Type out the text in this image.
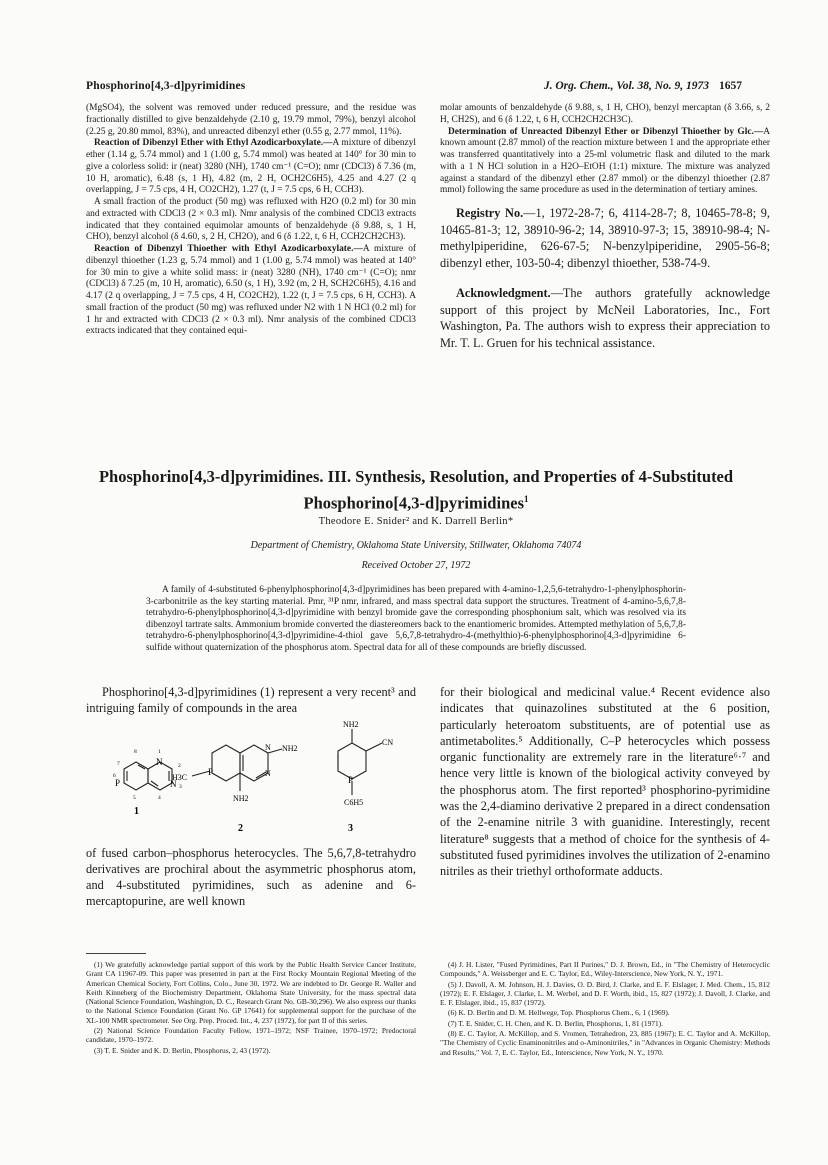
Phosphorino[4,3-d]pyrimidines	J. Org. Chem., Vol. 38, No. 9, 1973 1657

(MgSO4), the solvent was removed under reduced pressure, and the residue was fractionally distilled to give benzaldehyde (2.10 g, 19.79 mmol, 79%), benzyl alcohol (2.25 g, 20.80 mmol, 83%), and unreacted dibenzyl ether (0.55 g, 2.77 mmol, 11%).

Reaction of Dibenzyl Ether with Ethyl Azodicarboxylate.—A mixture of dibenzyl ether (1.14 g, 5.74 mmol) and 1 (1.00 g, 5.74 mmol) was heated at 140° for 30 min to give a colorless solid: ir (neat) 3280 (NH), 1740 cm⁻¹ (C=O); nmr (CDCl3) δ 7.36 (m, 10 H, aromatic), 6.48 (s, 1 H), 4.82 (m, 2 H, OCH2C6H5), 4.25 and 4.27 (2 q overlapping, J = 7.5 cps, 4 H, CO2CH2), 1.27 (t, J = 7.5 cps, 6 H, CCH3).

A small fraction of the product (50 mg) was refluxed with H2O (0.2 ml) for 30 min and extracted with CDCl3 (2 × 0.3 ml). Nmr analysis of the combined CDCl3 extracts indicated that they contained equimolar amounts of benzaldehyde (δ 9.88, s, 1 H, CHO), benzyl alcohol (δ 4.60, s, 2 H, CH2O), and 6 (δ 1.22, t, 6 H, CCH2CH2CH3).

Reaction of Dibenzyl Thioether with Ethyl Azodicarboxylate.—A mixture of dibenzyl thioether (1.23 g, 5.74 mmol) and 1 (1.00 g, 5.74 mmol) was heated at 140° for 30 min to give a white solid mass: ir (neat) 3280 (NH), 1740 cm⁻¹ (C=O); nmr (CDCl3) δ 7.25 (m, 10 H, aromatic), 6.50 (s, 1 H), 3.92 (m, 2 H, SCH2C6H5), 4.16 and 4.17 (2 q overlapping, J = 7.5 cps, 4 H, CO2CH2), 1.22 (t, J = 7.5 cps, 6 H, CCH3). A small fraction of the product (50 mg) was refluxed under N2 with 1 N HCl (0.2 ml) for 1 hr and extracted with CDCl3 (2 × 0.3 ml). Nmr analysis of the combined CDCl3 extracts indicated that they contained equi-

molar amounts of benzaldehyde (δ 9.88, s, 1 H, CHO), benzyl mercaptan (δ 3.66, s, 2 H, CH2S), and 6 (δ 1.22, t, 6 H, CCH2CH2CH3C).

Determination of Unreacted Dibenzyl Ether or Dibenzyl Thioether by Glc.—A known amount (2.87 mmol) of the reaction mixture between 1 and the appropriate ether was transferred quantitatively into a 25-ml volumetric flask and diluted to the mark with a 1 N HCl solution in a H2O–EtOH (1:1) mixture. The mixture was analyzed against a standard of the dibenzyl ether (2.87 mmol) or the dibenzyl thioether (2.87 mmol) following the same procedure as used in the determination of tertiary amines.

Registry No.—1, 1972-28-7; 6, 4114-28-7; 8, 10465-78-8; 9, 10465-81-3; 12, 38910-96-2; 14, 38910-97-3; 15, 38910-98-4; N-methylpiperidine, 626-67-5; N-benzylpiperidine, 2905-56-8; dibenzyl ether, 103-50-4; dibenzyl thioether, 538-74-9.

Acknowledgment.—The authors gratefully acknowledge support of this project by McNeil Laboratories, Inc., Fort Washington, Pa. The authors wish to express their appreciation to Mr. T. L. Gruen for his technical assistance.

Phosphorino[4,3-d]pyrimidines. III. Synthesis, Resolution, and Properties of 4-Substituted Phosphorino[4,3-d]pyrimidines$^1$
Theodore E. Snider² and K. Darrell Berlin*
Department of Chemistry, Oklahoma State University, Stillwater, Oklahoma 74074
Received October 27, 1972
A family of 4-substituted 6-phenylphosphorino[4,3-d]pyrimidines has been prepared with 4-amino-1,2,5,6-tetrahydro-1-phenylphosphorin-3-carbonitrile as the key starting material. Pmr, ³¹P nmr, infrared, and mass spectral data support the structures. Treatment of 4-amino-5,6,7,8-tetrahydro-6-phenylphosphorino[4,3-d]pyrimidine with benzyl bromide gave the corresponding phosphonium salt, which was resolved via its dibenzoyl tartrate salts. Ammonium bromide converted the diastereomers back to the enantiomeric bromides. Attempted methylation of 5,6,7,8-tetrahydro-6-phenylphosphorino[4,3-d]pyrimidine-4-thiol gave 5,6,7,8-tetrahydro-4-(methylthio)-6-phenylphosphorino[4,3-d]pyrimidine 6-sulfide without quaternization of the phosphorus atom. Spectral data for all of these compounds are briefly discussed.

Phosphorino[4,3-d]pyrimidines (1) represent a very recent³ and intriguing family of compounds in the area

P
N
N
1
2
3
4
5
6
7
8
1
P
H3C
NH2
N
N
NH2
2
NH2
CN
P
C6H5
3

of fused carbon–phosphorus heterocycles. The 5,6,7,8-tetrahydro derivatives are prochiral about the asymmetric phosphorus atom, and 4-substituted pyrimidines, such as adenine and 6-mercaptopurine, are well known

for their biological and medicinal value.⁴ Recent evidence also indicates that quinazolines substituted at the 6 position, particularly heteroatom substituents, are of potential use as antimetabolites.⁵ Additionally, C–P heterocycles which possess organic functionality are extremely rare in the literature⁶·⁷ and hence very little is known of the biological activity conveyed by the phosphorus atom. The first reported³ phosphorino-pyrimidine was the 2,4-diamino derivative 2 prepared in a direct condensation of the 2-enamine nitrile 3 with guanidine. Interestingly, recent literature⁸ suggests that a method of choice for the synthesis of 4-substituted fused pyrimidines involves the utilization of 2-enamino nitriles as their triethyl orthoformate adducts.

(1) We gratefully acknowledge partial support of this work by the Public Health Service Cancer Institute, Grant CA 11967-09. This paper was presented in part at the First Rocky Mountain Regional Meeting of the American Chemical Society, Fort Collins, Colo., June 30, 1972. We are indebted to Dr. George R. Waller and Keith Kinneberg of the Biochemistry Department, Oklahoma State University, for the mass spectral data (National Science Foundation, Washington, D. C., Research Grant No. GB-30,296). We also express our thanks to the National Science Foundation (Grant No. GP 17641) for supplemental support for the purchase of the XL-100 NMR spectrometer. See Org. Prep. Proced. Int., 4, 237 (1972), for part II of this series.

(2) National Science Foundation Faculty Fellow, 1971–1972; NSF Trainee, 1970–1972; Predoctoral candidate, 1970–1972.

(3) T. E. Snider and K. D. Berlin, Phosphorus, 2, 43 (1972).

(4) J. H. Lister, "Fused Pyrimidines, Part II Purines," D. J. Brown, Ed., in "The Chemistry of Heterocyclic Compounds," A. Weissberger and E. C. Taylor, Ed., Wiley-Interscience, New York, N. Y., 1971.

(5) J. Davoll, A. M. Johnson, H. J. Davies, O. D. Bird, J. Clarke, and E. F. Elslager, J. Med. Chem., 15, 812 (1972); E. F. Elslager, J. Clarke, L. M. Werbel, and D. F. Worth, ibid., 15, 827 (1972); J. Davoll, J. Clarke, and E. F. Elslager, ibid., 15, 837 (1972).

(6) K. D. Berlin and D. M. Hellwege, Top. Phosphorus Chem., 6, 1 (1969).

(7) T. E. Snider, C. H. Chen, and K. D. Berlin, Phosphorus, 1, 81 (1971).

(8) E. C. Taylor, A. McKillop, and S. Vromen, Tetrahedron, 23, 885 (1967); E. C. Taylor and A. McKillop, "The Chemistry of Cyclic Enaminonitriles and o-Aminonitriles," in "Advances in Organic Chemistry: Methods and Results," Vol. 7, E. C. Taylor, Ed., Interscience, New York, N. Y., 1970.
